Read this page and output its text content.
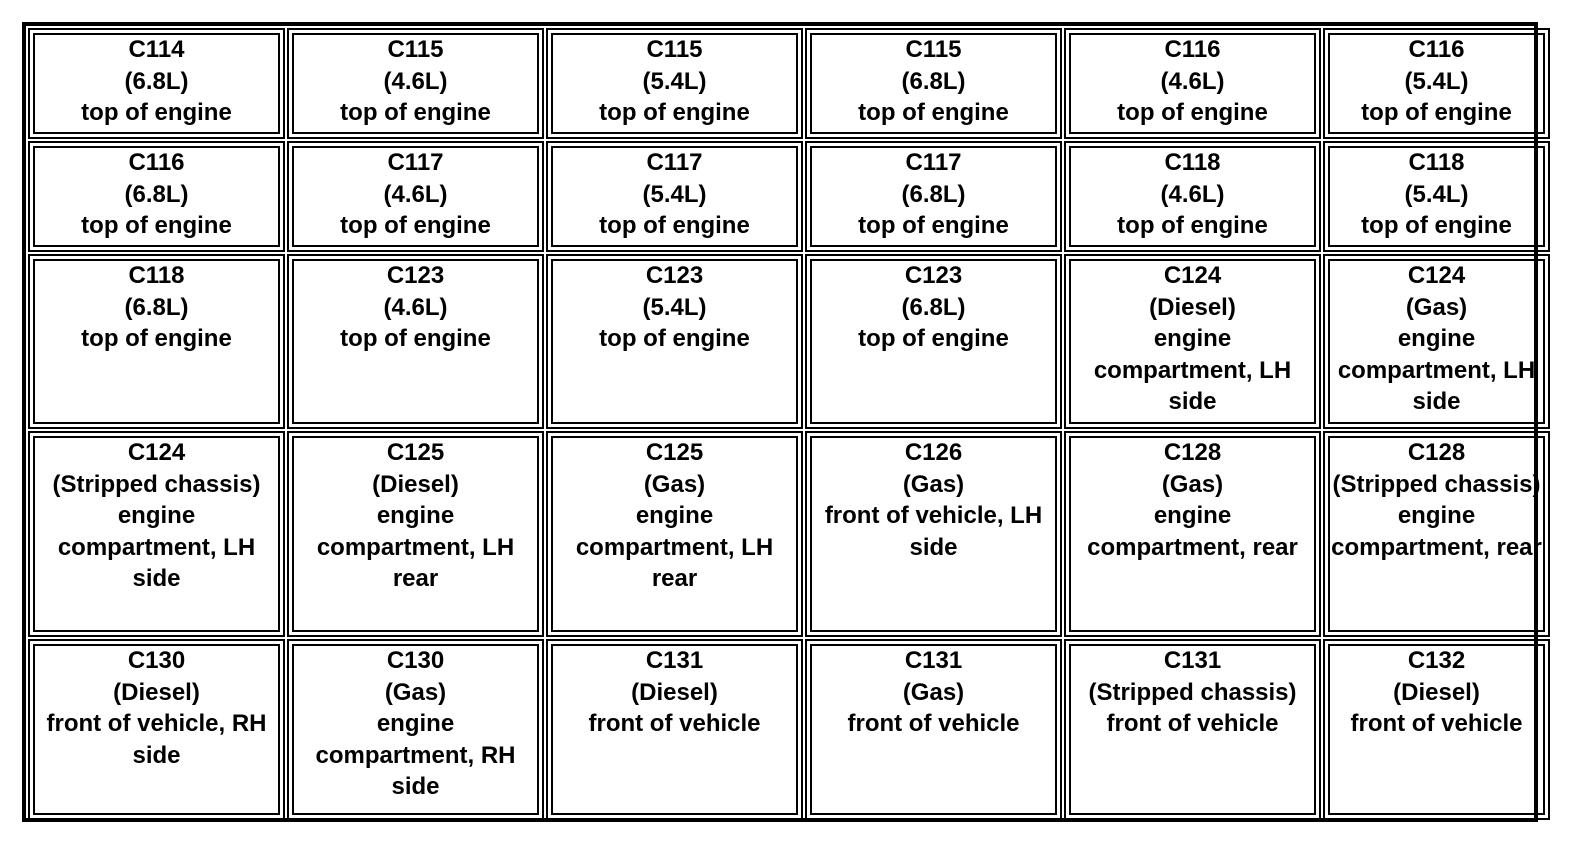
C114
(6.8L)
top of engine
C115
(4.6L)
top of engine
C115
(5.4L)
top of engine
C115
(6.8L)
top of engine
C116
(4.6L)
top of engine
C116
(5.4L)
top of engine
C116
(6.8L)
top of engine
C117
(4.6L)
top of engine
C117
(5.4L)
top of engine
C117
(6.8L)
top of engine
C118
(4.6L)
top of engine
C118
(5.4L)
top of engine
C118
(6.8L)
top of engine
C123
(4.6L)
top of engine
C123
(5.4L)
top of engine
C123
(6.8L)
top of engine
C124
(Diesel)
engine compartment, LH side
C124
(Gas)
engine compartment, LH side
C124
(Stripped chassis)
engine compartment, LH side
C125
(Diesel)
engine compartment, LH rear
C125
(Gas)
engine compartment, LH rear
C126
(Gas)
front of vehicle, LH side
C128
(Gas)
engine compartment, rear
C128
(Stripped chassis)
engine compartment, rear
C130
(Diesel)
front of vehicle, RH side
C130
(Gas)
engine compartment, RH side
C131
(Diesel)
front of vehicle
C131
(Gas)
front of vehicle
C131
(Stripped chassis)
front of vehicle
C132
(Diesel)
front of vehicle
